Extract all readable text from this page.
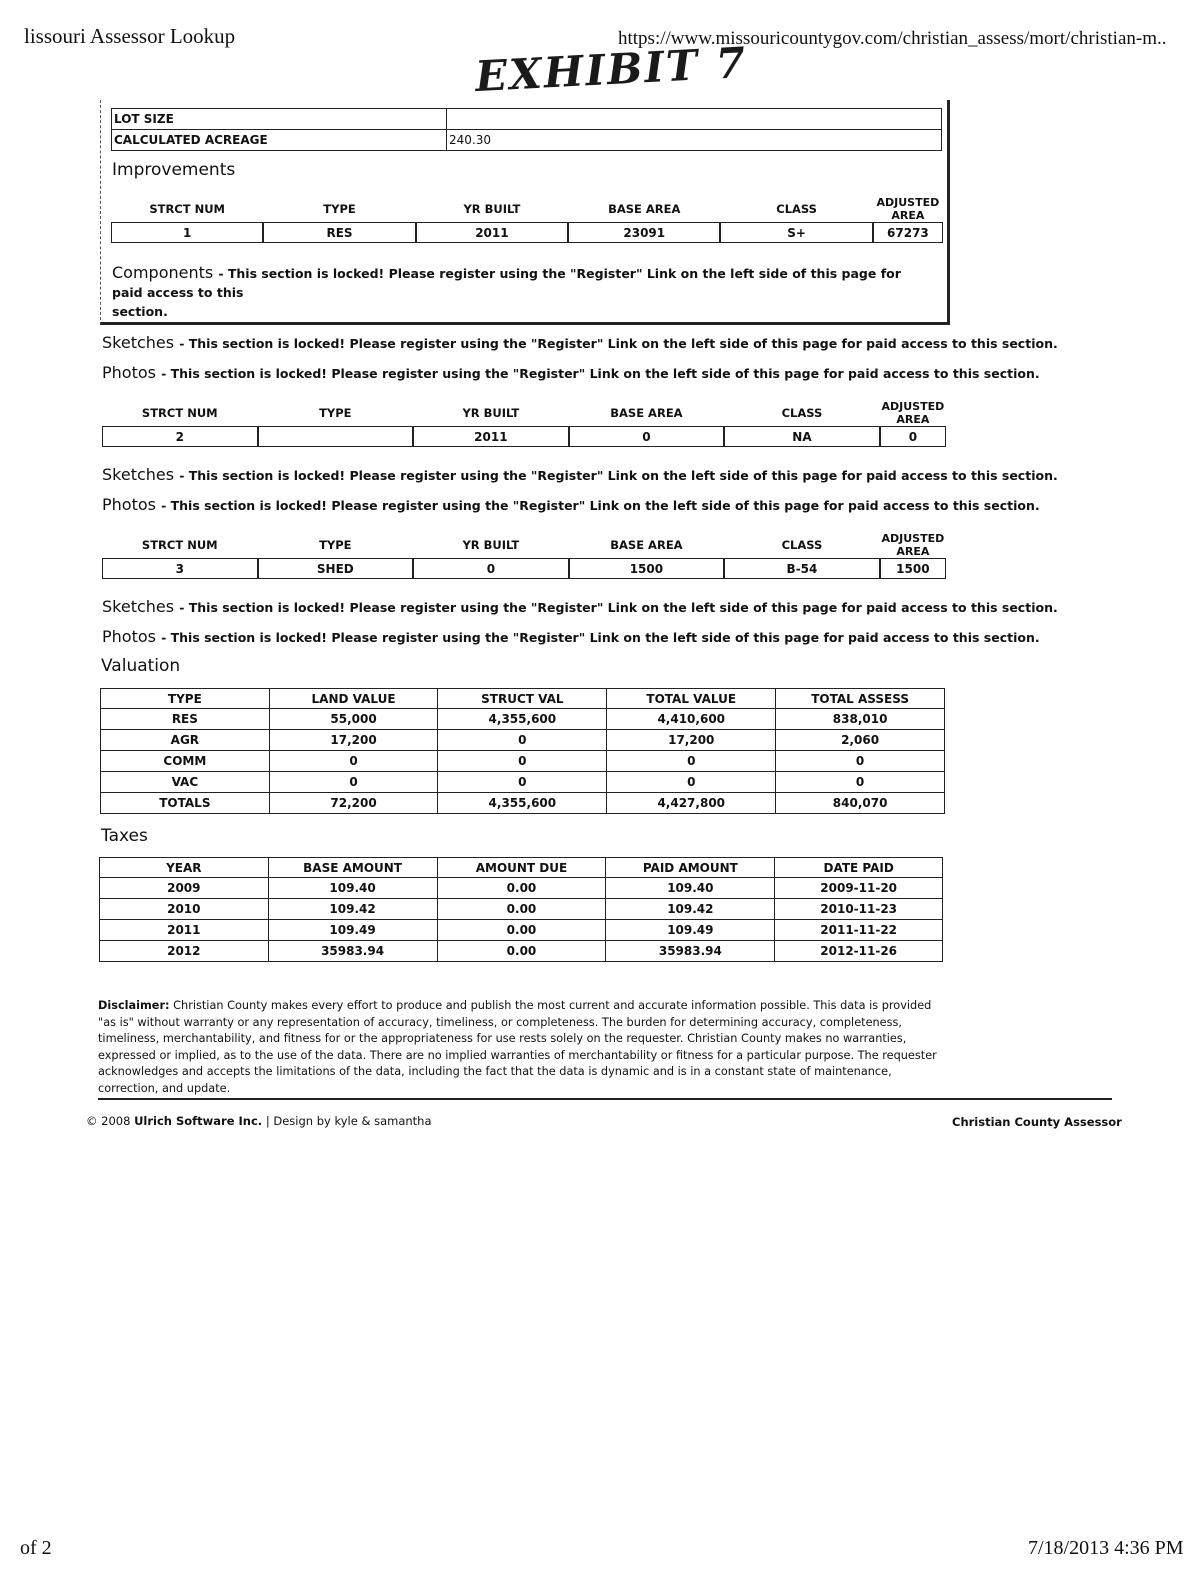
lissouri Assessor Lookup	https://www.missouricountygov.com/christian_assess/mort/christian-m..
EXHIBIT 7
LOT SIZE	
CALCULATED ACREAGE	240.30
Improvements
STRCT NUM	TYPE	YR BUILT	BASE AREA	CLASS	ADJUSTED AREA
1	RES	2011	23091	S+	67273
Components - This section is locked! Please register using the "Register" Link on the left side of this page for paid access to this
section.
Sketches - This section is locked! Please register using the "Register" Link on the left side of this page for paid access to this section.
Photos - This section is locked! Please register using the "Register" Link on the left side of this page for paid access to this section.
STRCT NUM	TYPE	YR BUILT	BASE AREA	CLASS	ADJUSTED AREA
2		2011	0	NA	0
Sketches - This section is locked! Please register using the "Register" Link on the left side of this page for paid access to this section.
Photos - This section is locked! Please register using the "Register" Link on the left side of this page for paid access to this section.
STRCT NUM	TYPE	YR BUILT	BASE AREA	CLASS	ADJUSTED AREA
3	SHED	0	1500	B-54	1500
Sketches - This section is locked! Please register using the "Register" Link on the left side of this page for paid access to this section.
Photos - This section is locked! Please register using the "Register" Link on the left side of this page for paid access to this section.
Valuation
TYPE	LAND VALUE	STRUCT VAL	TOTAL VALUE	TOTAL ASSESS
RES	55,000	4,355,600	4,410,600	838,010
AGR	17,200	0	17,200	2,060
COMM	0	0	0	0
VAC	0	0	0	0
TOTALS	72,200	4,355,600	4,427,800	840,070
Taxes
YEAR	BASE AMOUNT	AMOUNT DUE	PAID AMOUNT	DATE PAID
2009	109.40	0.00	109.40	2009-11-20
2010	109.42	0.00	109.42	2010-11-23
2011	109.49	0.00	109.49	2011-11-22
2012	35983.94	0.00	35983.94	2012-11-26
Disclaimer: Christian County makes every effort to produce and publish the most current and accurate information possible. This data is provided "as is" without warranty or any representation of accuracy, timeliness, or completeness. The burden for determining accuracy, completeness, timeliness, merchantability, and fitness for or the appropriateness for use rests solely on the requester. Christian County makes no warranties, expressed or implied, as to the use of the data. There are no implied warranties of merchantability or fitness for a particular purpose. The requester acknowledges and accepts the limitations of the data, including the fact that the data is dynamic and is in a constant state of maintenance, correction, and update.
© 2008 Ulrich Software Inc. | Design by kyle & samantha	Christian County Assessor
of 2	7/18/2013 4:36 PM
